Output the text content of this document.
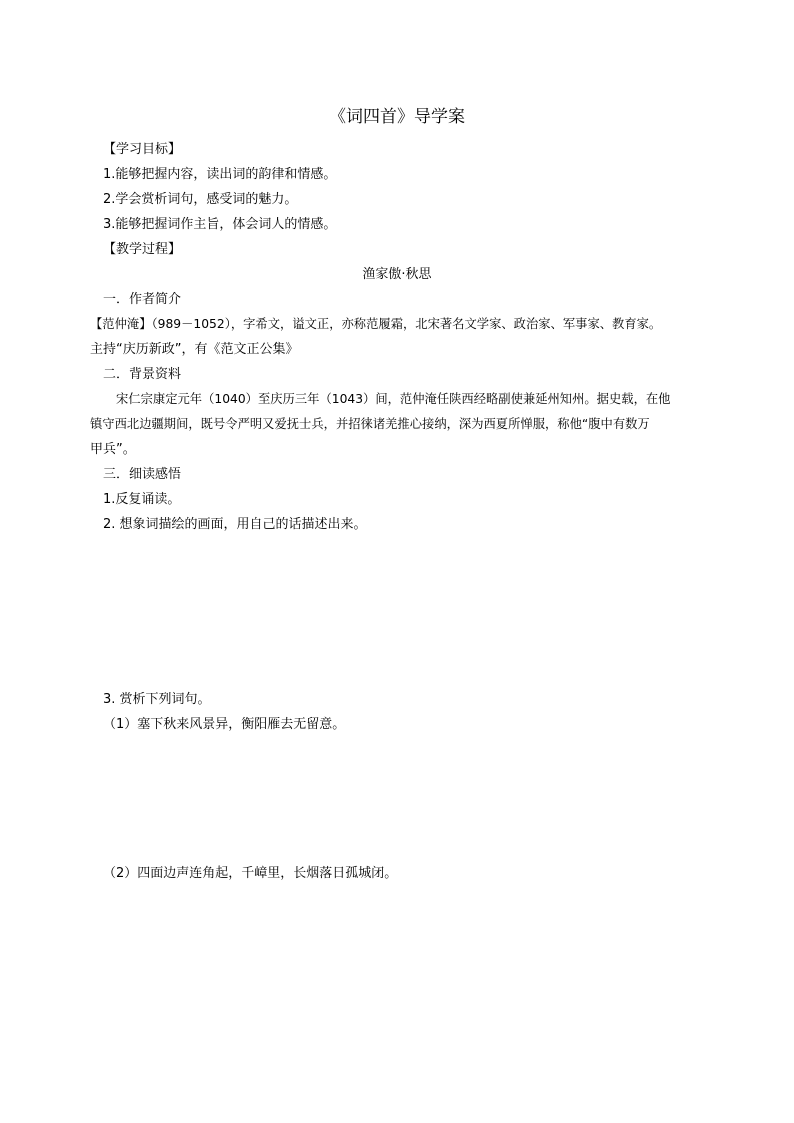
《词四首》导学案
【学习目标】
1.能够把握内容，读出词的韵律和情感。
2.学会赏析词句，感受词的魅力。
3.能够把握词作主旨，体会词人的情感。
【教学过程】
渔家傲·秋思
一．作者简介
【范仲淹】（989－1052），字希文，谥文正，亦称范履霜，北宋著名文学家、政治家、军事家、教育家。
主持“庆历新政”，有《范文正公集》
二．背景资料
宋仁宗康定元年（1040）至庆历三年（1043）间，范仲淹任陕西经略副使兼延州知州。据史载，在他
镇守西北边疆期间，既号令严明又爱抚士兵，并招徕诸羌推心接纳，深为西夏所惮服，称他“腹中有数万
甲兵”。
三．细读感悟
1.反复诵读。
2. 想象词描绘的画面，用自己的话描述出来。
3. 赏析下列词句。
（1）塞下秋来风景异，衡阳雁去无留意。
（2）四面边声连角起，千嶂里，长烟落日孤城闭。
